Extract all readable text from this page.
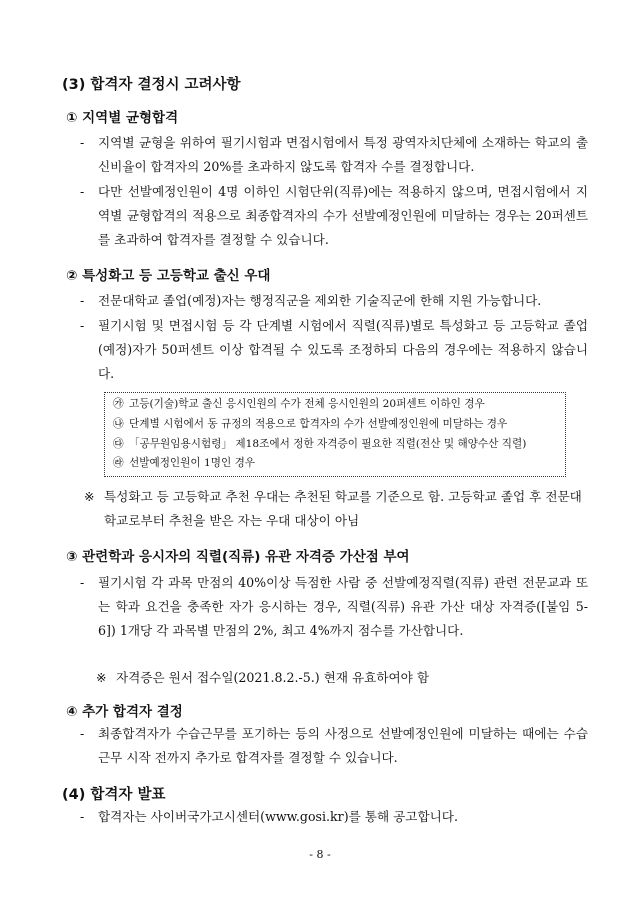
(3) 합격자 결정시 고려사항
① 지역별 균형합격
-	지역별 균형을 위하여 필기시험과 면접시험에서 특정 광역자치단체에 소재하는 학교의 출신비율이 합격자의 20%를 초과하지 않도록 합격자 수를 결정합니다.
-	다만 선발예정인원이 4명 이하인 시험단위(직류)에는 적용하지 않으며, 면접시험에서 지역별 균형합격의 적용으로 최종합격자의 수가 선발예정인원에 미달하는 경우는 20퍼센트를 초과하여 합격자를 결정할 수 있습니다.
② 특성화고 등 고등학교 출신 우대
-	전문대학교 졸업(예정)자는 행정직군을 제외한 기술직군에 한해 지원 가능합니다.
-	필기시험 및 면접시험 등 각 단계별 시험에서 직렬(직류)별로 특성화고 등 고등학교 졸업(예정)자가 50퍼센트 이상 합격될 수 있도록 조정하되 다음의 경우에는 적용하지 않습니다.
㉮ 고등(기술)학교 출신 응시인원의 수가 전체 응시인원의 20퍼센트 이하인 경우
㉯ 단계별 시험에서 동 규정의 적용으로 합격자의 수가 선발예정인원에 미달하는 경우
㉰ 「공무원임용시험령」 제18조에서 정한 자격증이 필요한 직렬(전산 및 해양수산 직렬)
㉱ 선발예정인원이 1명인 경우
※ 특성화고 등 고등학교 추천 우대는 추천된 학교를 기준으로 함. 고등학교 졸업 후 전문대학교로부터 추천을 받은 자는 우대 대상이 아님
③ 관련학과 응시자의 직렬(직류) 유관 자격증 가산점 부여
-	필기시험 각 과목 만점의 40%이상 득점한 사람 중 선발예정직렬(직류) 관련 전문교과 또는 학과 요건을 충족한 자가 응시하는 경우, 직렬(직류) 유관 가산 대상 자격증([붙임 5-6]) 1개당 각 과목별 만점의 2%, 최고 4%까지 점수를 가산합니다.
※ 자격증은 원서 접수일(2021.8.2.-5.) 현재 유효하여야 함
④ 추가 합격자 결정
-	최종합격자가 수습근무를 포기하는 등의 사정으로 선발예정인원에 미달하는 때에는 수습근무 시작 전까지 추가로 합격자를 결정할 수 있습니다.
(4) 합격자 발표
-	합격자는 사이버국가고시센터(www.gosi.kr)를 통해 공고합니다.
- 8 -
